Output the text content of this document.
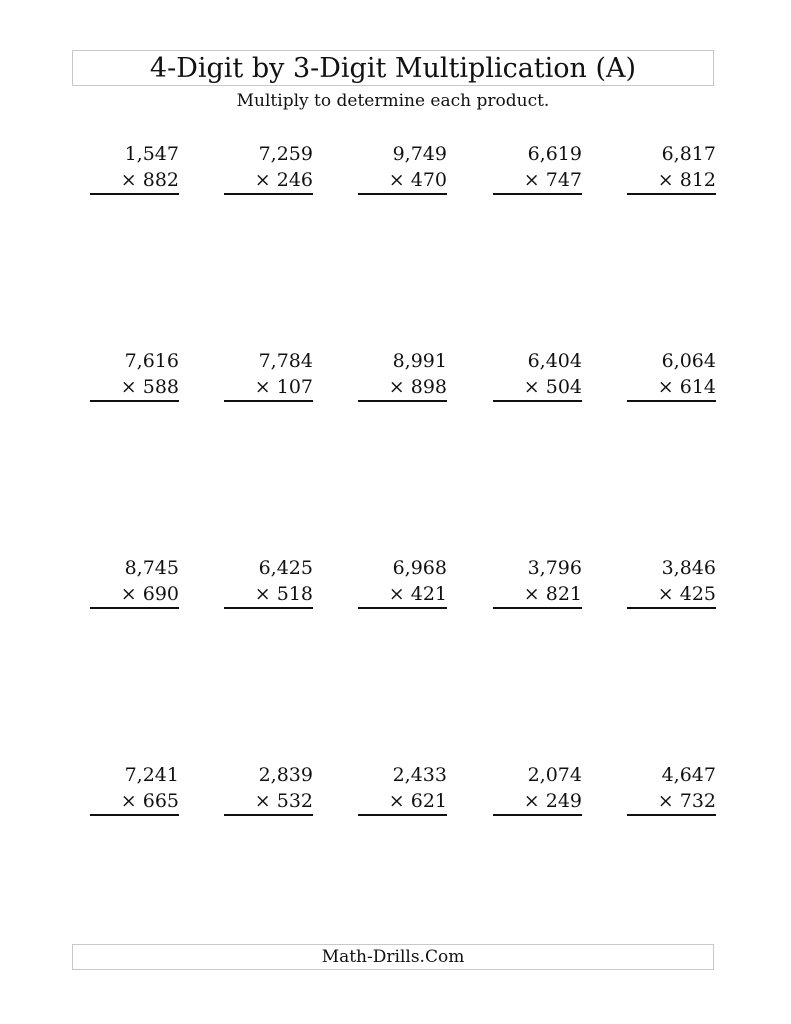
4-Digit by 3-Digit Multiplication (A)
Multiply to determine each product.
1,547
× 882
7,259
× 246
9,749
× 470
6,619
× 747
6,817
× 812
7,616
× 588
7,784
× 107
8,991
× 898
6,404
× 504
6,064
× 614
8,745
× 690
6,425
× 518
6,968
× 421
3,796
× 821
3,846
× 425
7,241
× 665
2,839
× 532
2,433
× 621
2,074
× 249
4,647
× 732
Math-Drills.Com
